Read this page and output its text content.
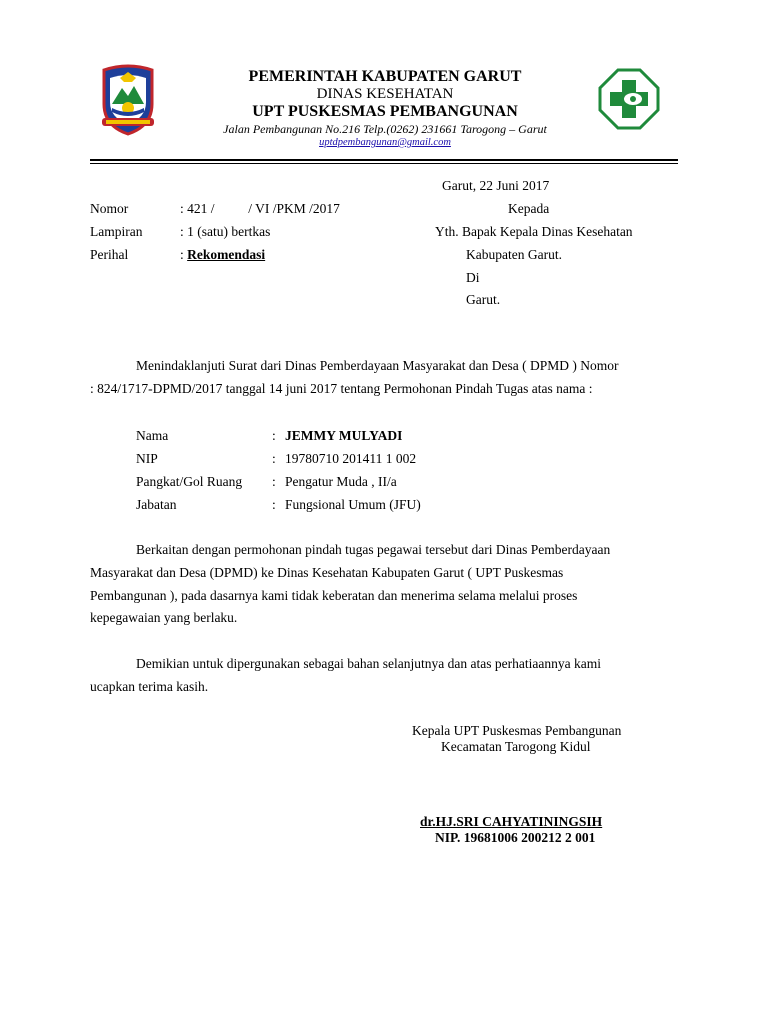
PEMERINTAH KABUPATEN GARUT
DINAS KESEHATAN
UPT PUSKESMAS PEMBANGUNAN
Jalan Pembangunan No.216 Telp.(0262) 231661 Tarogong – Garut
uptdpembangunan@gmail.com
Garut, 22 Juni 2017
Nomor	: 421 /          / VI /PKM /2017
Lampiran	: 1 (satu) bertkas
Perihal	: Rekomendasi
Kepada
Yth. Bapak Kepala Dinas Kesehatan
Kabupaten Garut.
Di
Garut.
Menindaklanjuti Surat dari Dinas Pemberdayaan Masyarakat dan Desa ( DPMD ) Nomor
: 824/1717-DPMD/2017 tanggal 14 juni 2017 tentang Permohonan Pindah Tugas atas nama :
Nama	: JEMMY MULYADI
NIP	: 19780710 201411 1 002
Pangkat/Gol Ruang : Pengatur Muda , II/a
Jabatan	: Fungsional Umum (JFU)
Berkaitan dengan permohonan pindah tugas pegawai tersebut dari Dinas Pemberdayaan
Masyarakat dan Desa (DPMD) ke Dinas Kesehatan Kabupaten Garut ( UPT Puskesmas
Pembangunan ), pada dasarnya kami tidak keberatan dan menerima selama melalui proses
kepegawaian yang berlaku.
Demikian untuk dipergunakan sebagai bahan selanjutnya dan atas perhatiaannya kami
ucapkan terima kasih.
Kepala UPT Puskesmas Pembangunan
Kecamatan Tarogong Kidul
dr.HJ.SRI CAHYATININGSIH
NIP. 19681006 200212 2 001
